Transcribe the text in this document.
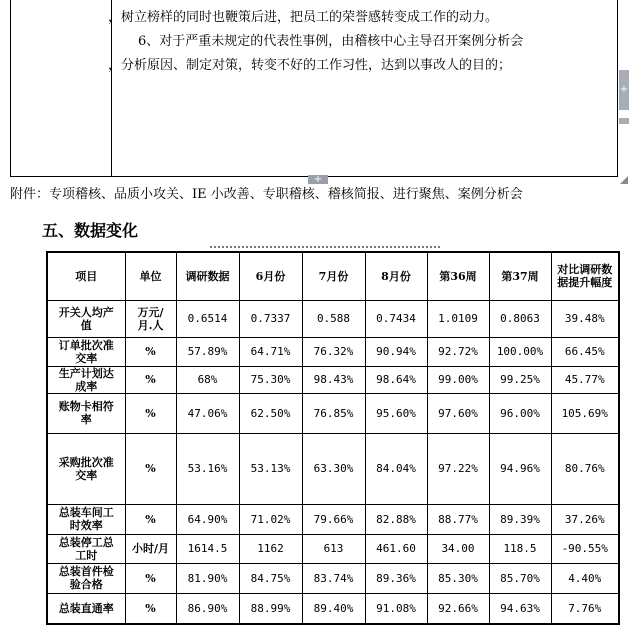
，树立榜样的同时也鞭策后进，把员工的荣誉感转变成工作的动力。

6、对于严重未规定的代表性事例，由稽核中心主导召开案例分析会

，分析原因、制定对策，转变不好的工作习性，达到以事改人的目的；

+
+
附件：专项稽核、品质小攻关、IE 小改善、专职稽核、稽核简报、进行聚焦、案例分析会
五、数据变化
项目	单位	调研数据	6月份	7月份	8月份	第36周	第37周	对比调研数据提升幅度
开关人均产值	万元/月.人	0.6514	0.7337	0.588	0.7434	1.0109	0.8063	39.48%
订单批次准交率	%	57.89%	64.71%	76.32%	90.94%	92.72%	100.00%	66.45%
生产计划达成率	%	68%	75.30%	98.43%	98.64%	99.00%	99.25%	45.77%
账物卡相符率	%	47.06%	62.50%	76.85%	95.60%	97.60%	96.00%	105.69%
采购批次准交率	%	53.16%	53.13%	63.30%	84.04%	97.22%	94.96%	80.76%
总装车间工时效率	%	64.90%	71.02%	79.66%	82.88%	88.77%	89.39%	37.26%
总装停工总工时	小时/月	1614.5	1162	613	461.60	34.00	118.5	-90.55%
总装首件检验合格	%	81.90%	84.75%	83.74%	89.36%	85.30%	85.70%	4.40%
总装直通率	%	86.90%	88.99%	89.40%	91.08%	92.66%	94.63%	7.76%
